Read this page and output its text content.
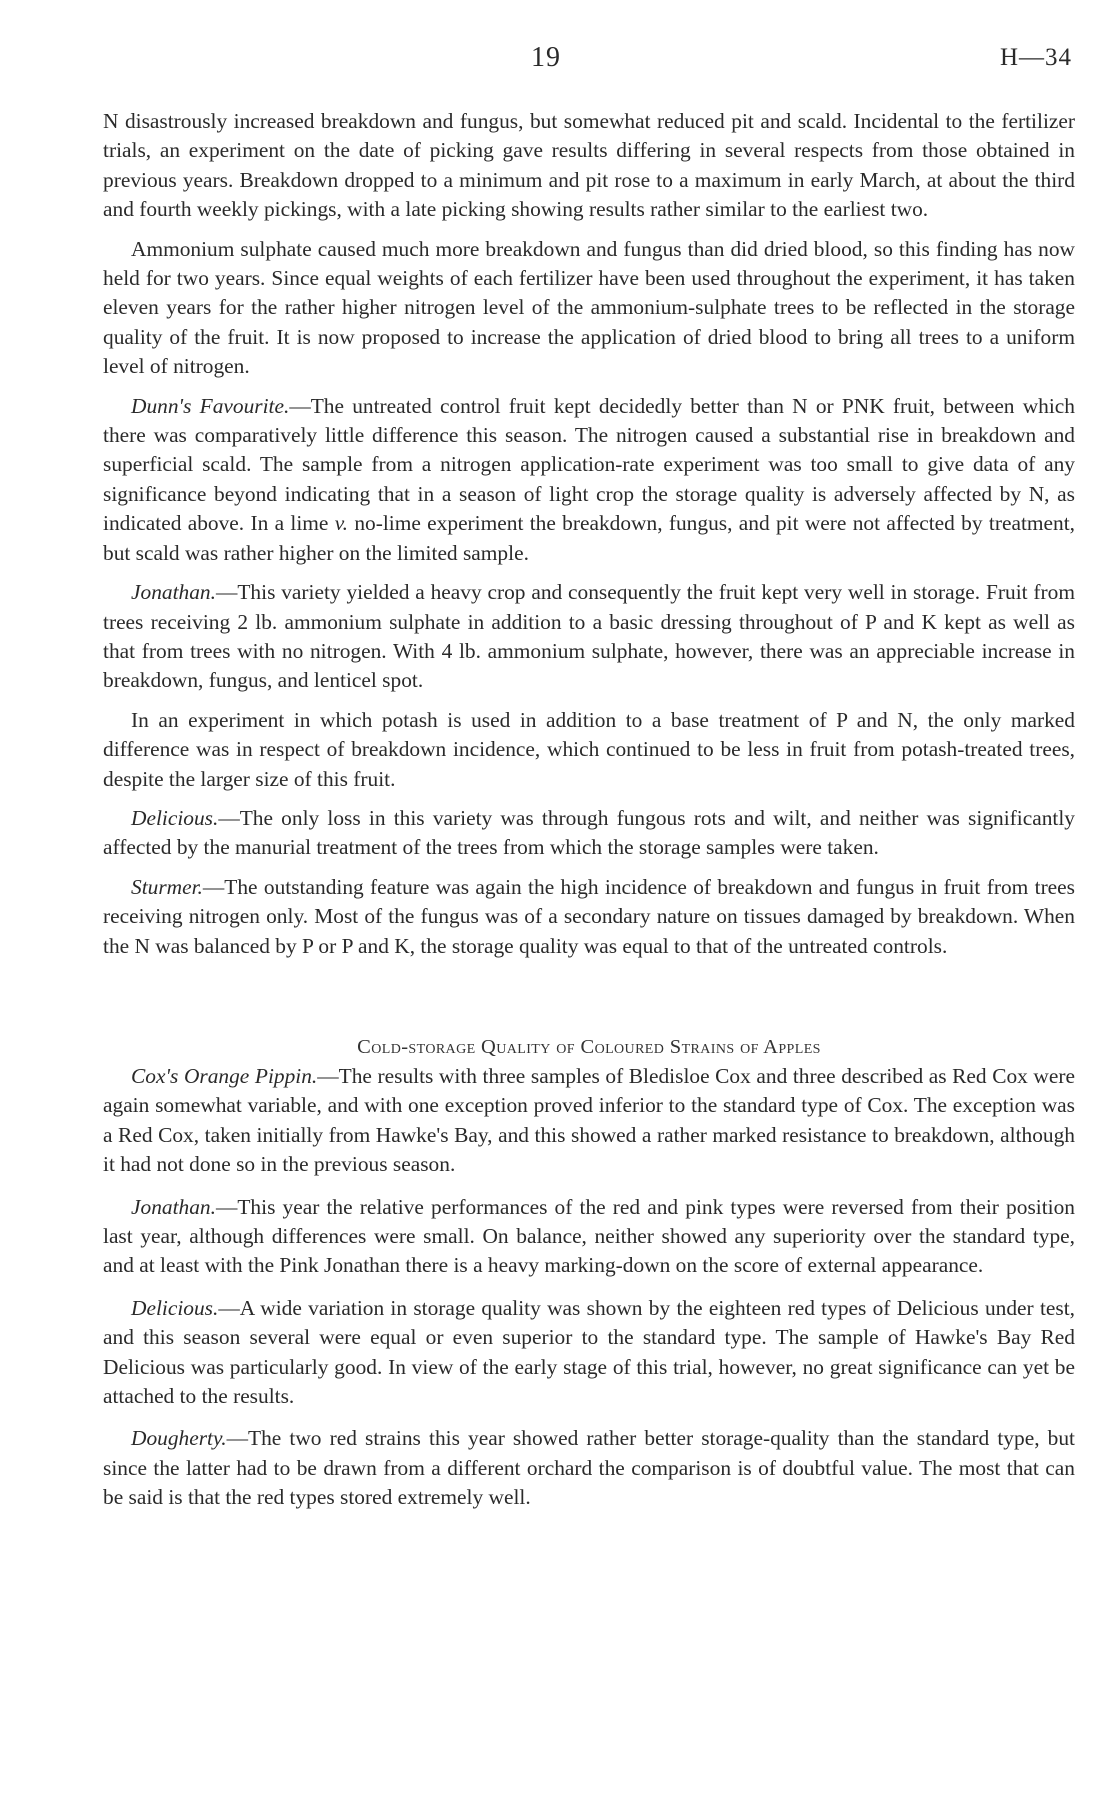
19	H—34

N disastrously increased breakdown and fungus, but somewhat reduced pit and scald. Incidental to the fertilizer trials, an experiment on the date of picking gave results differing in several respects from those obtained in previous years. Breakdown dropped to a minimum and pit rose to a maximum in early March, at about the third and fourth weekly pickings, with a late picking showing results rather similar to the earliest two.

Ammonium sulphate caused much more breakdown and fungus than did dried blood, so this finding has now held for two years. Since equal weights of each fertilizer have been used throughout the experiment, it has taken eleven years for the rather higher nitrogen level of the ammonium-sulphate trees to be reflected in the storage quality of the fruit. It is now proposed to increase the application of dried blood to bring all trees to a uniform level of nitrogen.

Dunn's Favourite.—The untreated control fruit kept decidedly better than N or PNK fruit, between which there was comparatively little difference this season. The nitrogen caused a substantial rise in breakdown and superficial scald. The sample from a nitrogen application-rate experiment was too small to give data of any significance beyond indicating that in a season of light crop the storage quality is adversely affected by N, as indicated above. In a lime v. no-lime experiment the breakdown, fungus, and pit were not affected by treatment, but scald was rather higher on the limited sample.

Jonathan.—This variety yielded a heavy crop and consequently the fruit kept very well in storage. Fruit from trees receiving 2 lb. ammonium sulphate in addition to a basic dressing throughout of P and K kept as well as that from trees with no nitrogen. With 4 lb. ammonium sulphate, however, there was an appreciable increase in breakdown, fungus, and lenticel spot.

In an experiment in which potash is used in addition to a base treatment of P and N, the only marked difference was in respect of breakdown incidence, which continued to be less in fruit from potash-treated trees, despite the larger size of this fruit.

Delicious.—The only loss in this variety was through fungous rots and wilt, and neither was significantly affected by the manurial treatment of the trees from which the storage samples were taken.

Sturmer.—The outstanding feature was again the high incidence of breakdown and fungus in fruit from trees receiving nitrogen only. Most of the fungus was of a secondary nature on tissues damaged by breakdown. When the N was balanced by P or P and K, the storage quality was equal to that of the untreated controls.

Cold-storage Quality of Coloured Strains of Apples

Cox's Orange Pippin.—The results with three samples of Bledisloe Cox and three described as Red Cox were again somewhat variable, and with one exception proved inferior to the standard type of Cox. The exception was a Red Cox, taken initially from Hawke's Bay, and this showed a rather marked resistance to breakdown, although it had not done so in the previous season.

Jonathan.—This year the relative performances of the red and pink types were reversed from their position last year, although differences were small. On balance, neither showed any superiority over the standard type, and at least with the Pink Jonathan there is a heavy marking-down on the score of external appearance.

Delicious.—A wide variation in storage quality was shown by the eighteen red types of Delicious under test, and this season several were equal or even superior to the standard type. The sample of Hawke's Bay Red Delicious was particularly good. In view of the early stage of this trial, however, no great significance can yet be attached to the results.

Dougherty.—The two red strains this year showed rather better storage-quality than the standard type, but since the latter had to be drawn from a different orchard the comparison is of doubtful value. The most that can be said is that the red types stored extremely well.
